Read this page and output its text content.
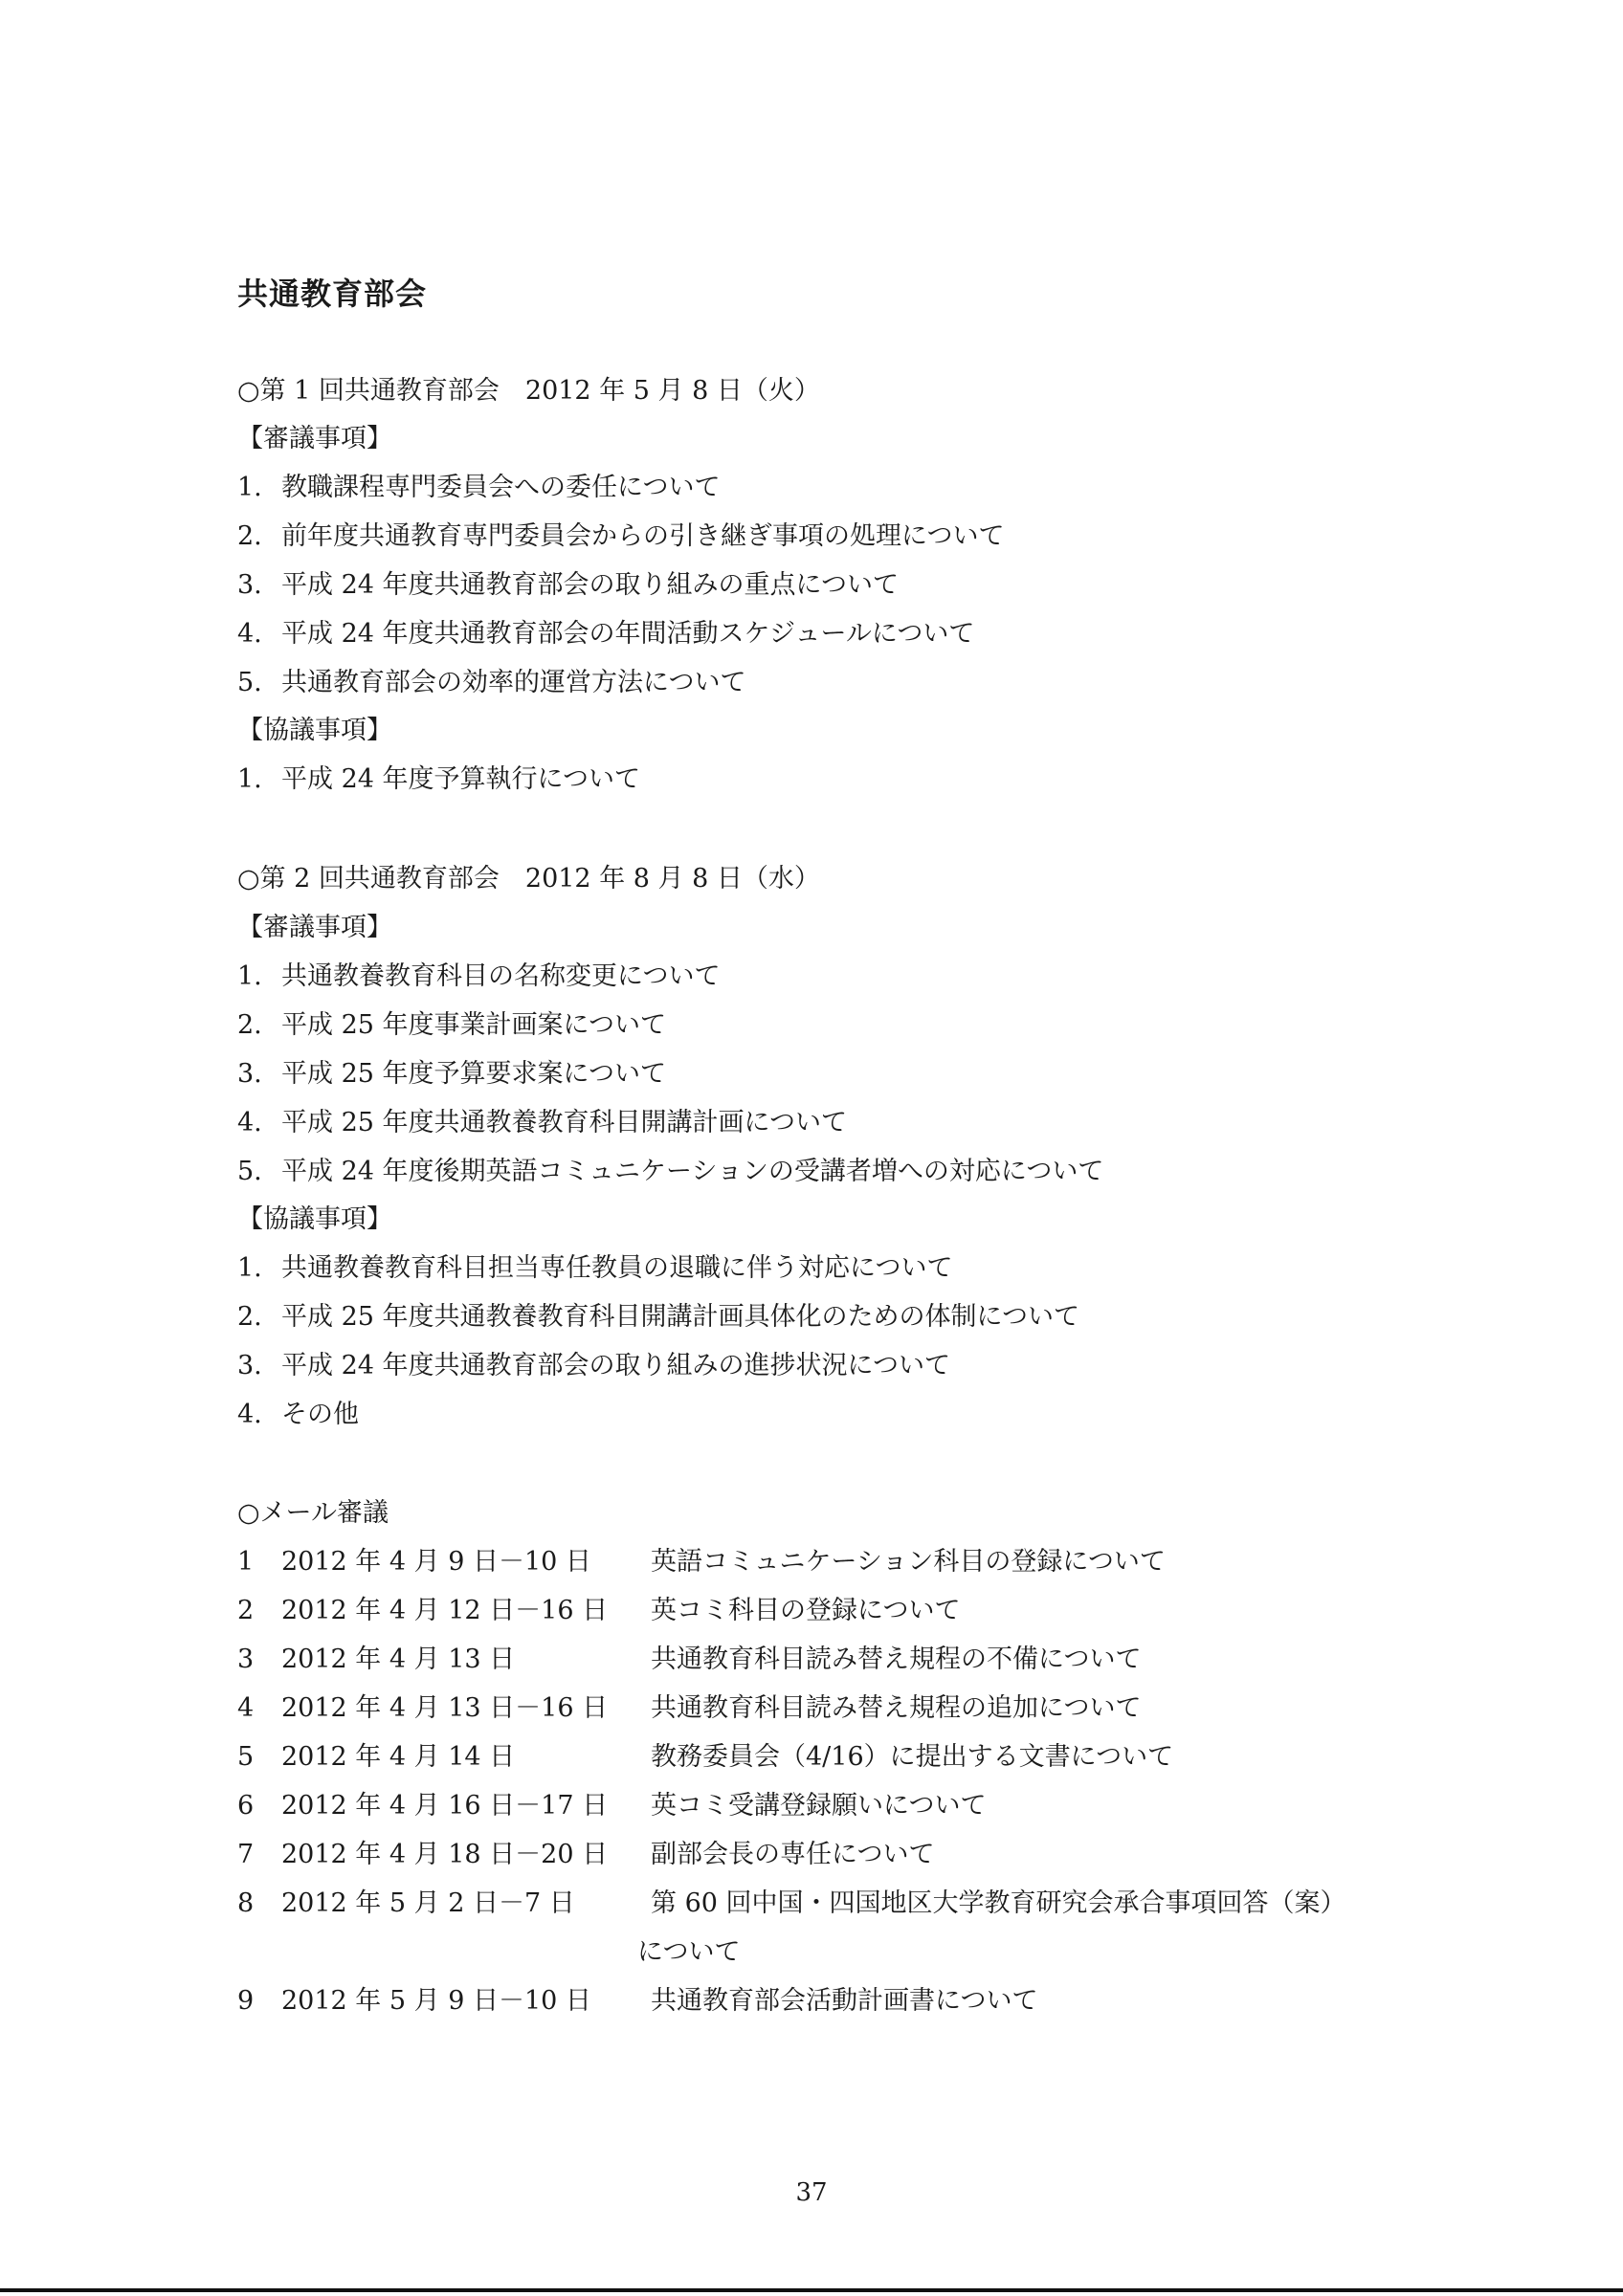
共通教育部会
○第 1 回共通教育部会　2012 年 5 月 8 日（火）
【審議事項】
1. 教職課程専門委員会への委任について
2. 前年度共通教育専門委員会からの引き継ぎ事項の処理について
3. 平成 24 年度共通教育部会の取り組みの重点について
4. 平成 24 年度共通教育部会の年間活動スケジュールについて
5. 共通教育部会の効率的運営方法について
【協議事項】
1. 平成 24 年度予算執行について
○第 2 回共通教育部会　2012 年 8 月 8 日（水）
【審議事項】
1. 共通教養教育科目の名称変更について
2. 平成 25 年度事業計画案について
3. 平成 25 年度予算要求案について
4. 平成 25 年度共通教養教育科目開講計画について
5. 平成 24 年度後期英語コミュニケーションの受講者増への対応について
【協議事項】
1. 共通教養教育科目担当専任教員の退職に伴う対応について
2. 平成 25 年度共通教養教育科目開講計画具体化のための体制について
3. 平成 24 年度共通教育部会の取り組みの進捗状況について
4. その他
○メール審議
1 2012 年 4 月 9 日－10 日 英語コミュニケーション科目の登録について
2 2012 年 4 月 12 日－16 日 英コミ科目の登録について
3 2012 年 4 月 13 日	共通教育科目読み替え規程の不備について
4 2012 年 4 月 13 日－16 日 共通教育科目読み替え規程の追加について
5 2012 年 4 月 14 日	教務委員会（4/16）に提出する文書について
6 2012 年 4 月 16 日－17 日 英コミ受講登録願いについて
7 2012 年 4 月 18 日－20 日 副部会長の専任について
8 2012 年 5 月 2 日－7 日	第 60 回中国・四国地区大学教育研究会承合事項回答（案）
について
9 2012 年 5 月 9 日－10 日 共通教育部会活動計画書について
37
